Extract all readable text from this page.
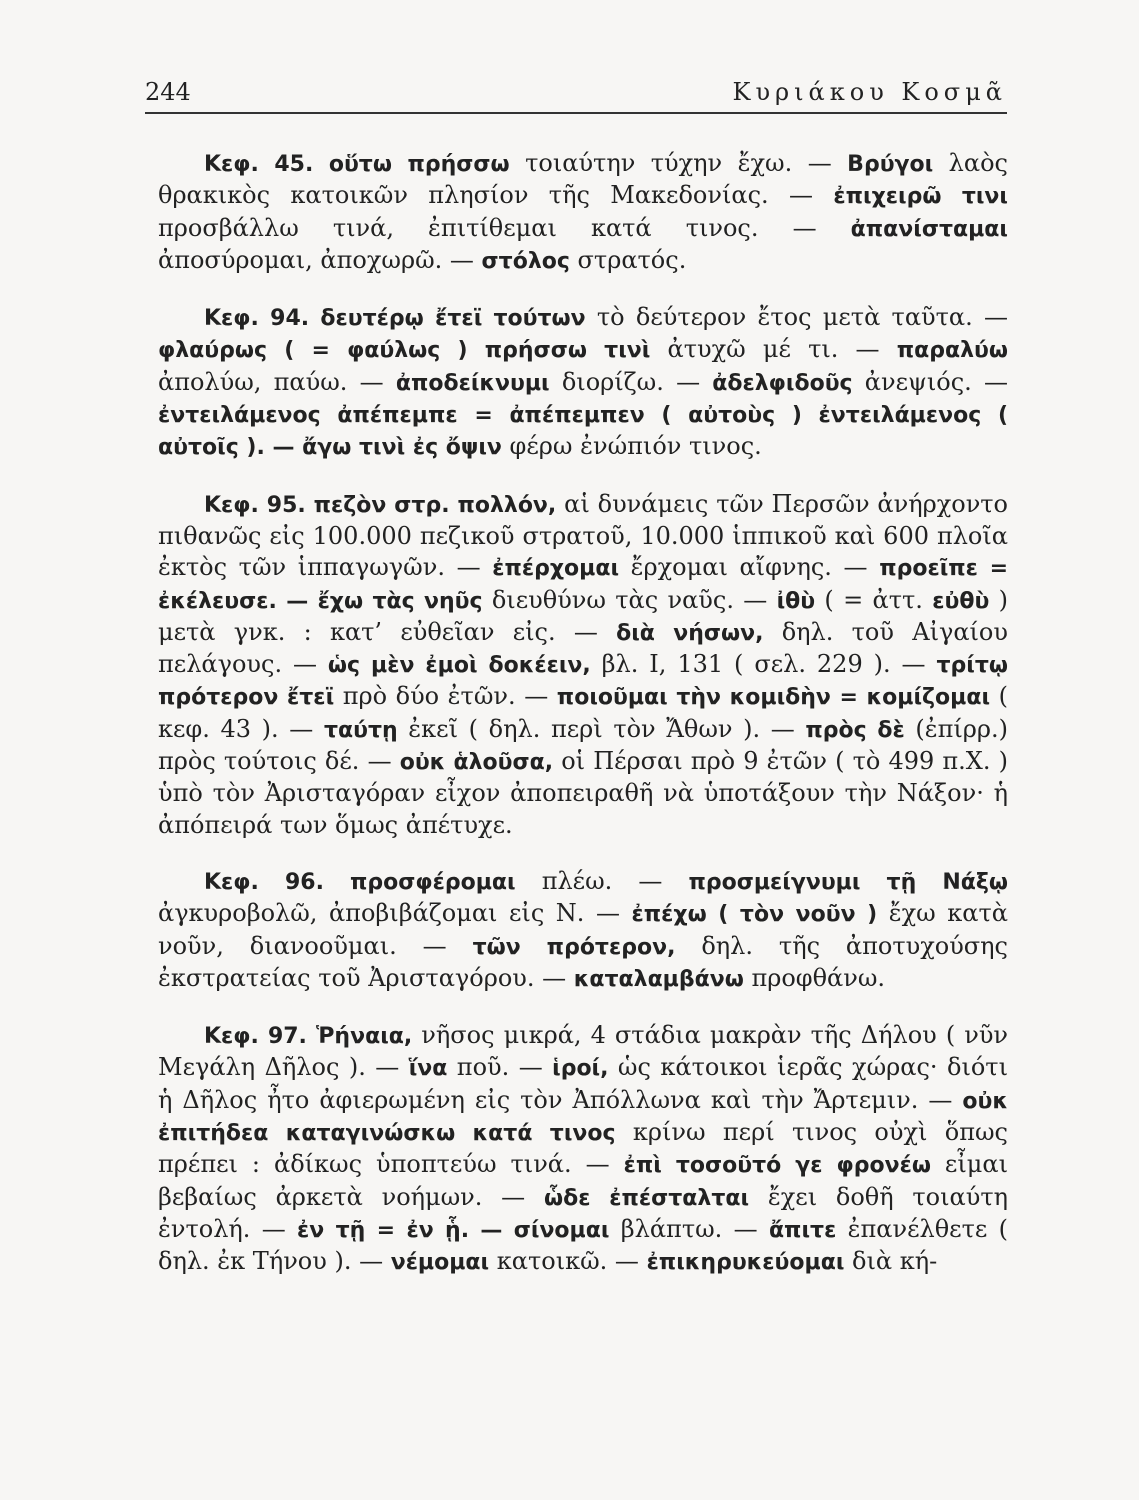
244	Κυριάκου Κοσμᾶ

Κεφ. 45. οὕτω πρήσσω τοιαύτην τύχην ἔχω. — Βρύγοι λαὸς θρακικὸς κατοικῶν πλησίον τῆς Μακεδονίας. — ἐπιχειρῶ τινι προσβάλλω τινά, ἐπιτίθεμαι κατά τινος. — ἀπανίσταμαι ἀποσύρομαι, ἀποχωρῶ. — στόλος στρατός.

Κεφ. 94. δευτέρῳ ἔτεϊ τούτων τὸ δεύτερον ἔτος μετὰ ταῦτα. — φλαύρως ( = φαύλως ) πρήσσω τινὶ ἀτυχῶ μέ τι. — παραλύω ἀπολύω, παύω. — ἀποδείκνυμι διορίζω. — ἀδελφιδοῦς ἀνεψιός. — ἐντειλάμενος ἀπέπεμπε = ἀπέπεμπεν ( αὐτοὺς ) ἐντειλάμενος ( αὐτοῖς ). — ἄγω τινὶ ἐς ὄψιν φέρω ἐνώπιόν τινος.

Κεφ. 95. πεζὸν στρ. πολλόν, αἱ δυνάμεις τῶν Περσῶν ἀνήρχοντο πιθανῶς εἰς 100.000 πεζικοῦ στρατοῦ, 10.000 ἱππικοῦ καὶ 600 πλοῖα ἐκτὸς τῶν ἱππαγωγῶν. — ἐπέρχομαι ἔρχομαι αἴφνης. — προεῖπε = ἐκέλευσε. — ἔχω τὰς νηῦς διευθύνω τὰς ναῦς. — ἰθὺ ( = ἀττ. εὐθὺ ) μετὰ γνκ. : κατ’ εὐθεῖαν εἰς. — διὰ νήσων, δηλ. τοῦ Αἰγαίου πελάγους. — ὡς μὲν ἐμοὶ δοκέειν, βλ. Ι, 131 ( σελ. 229 ). — τρίτῳ πρότερον ἔτεϊ πρὸ δύο ἐτῶν. — ποιοῦμαι τὴν κομιδὴν = κομίζομαι ( κεφ. 43 ). — ταύτῃ ἐκεῖ ( δηλ. περὶ τὸν Ἄθων ). — πρὸς δὲ (ἐπίρρ.) πρὸς τούτοις δέ. — οὐκ ἁλοῦσα, οἱ Πέρσαι πρὸ 9 ἐτῶν ( τὸ 499 π.Χ. ) ὑπὸ τὸν Ἀρισταγόραν εἶχον ἀποπειραθῆ νὰ ὑποτάξουν τὴν Νάξον· ἡ ἀπόπειρά των ὅμως ἀπέτυχε.

Κεφ. 96. προσφέρομαι πλέω. — προσμείγνυμι τῇ Νάξῳ ἀγκυροβολῶ, ἀποβιβάζομαι εἰς Ν. — ἐπέχω ( τὸν νοῦν ) ἔχω κατὰ νοῦν, διανοοῦμαι. — τῶν πρότερον, δηλ. τῆς ἀποτυχούσης ἐκστρατείας τοῦ Ἀρισταγόρου. — καταλαμβάνω προφθάνω.

Κεφ. 97. Ῥήναια, νῆσος μικρά, 4 στάδια μακρὰν τῆς Δήλου ( νῦν Μεγάλη Δῆλος ). — ἵνα ποῦ. — ἱροί, ὡς κάτοικοι ἱερᾶς χώρας· διότι ἡ Δῆλος ἦτο ἀφιερωμένη εἰς τὸν Ἀπόλλωνα καὶ τὴν Ἄρτεμιν. — οὐκ ἐπιτήδεα καταγινώσκω κατά τινος κρίνω περί τινος οὐχὶ ὅπως πρέπει : ἀδίκως ὑποπτεύω τινά. — ἐπὶ τοσοῦτό γε φρονέω εἶμαι βεβαίως ἀρκετὰ νοήμων. — ὧδε ἐπέσταλται ἔχει δοθῆ τοιαύτη ἐντολή. — ἐν τῇ = ἐν ᾗ. — σίνομαι βλάπτω. — ἄπιτε ἐπανέλθετε ( δηλ. ἐκ Τήνου ). — νέμομαι κατοικῶ. — ἐπικηρυκεύομαι διὰ κή-
